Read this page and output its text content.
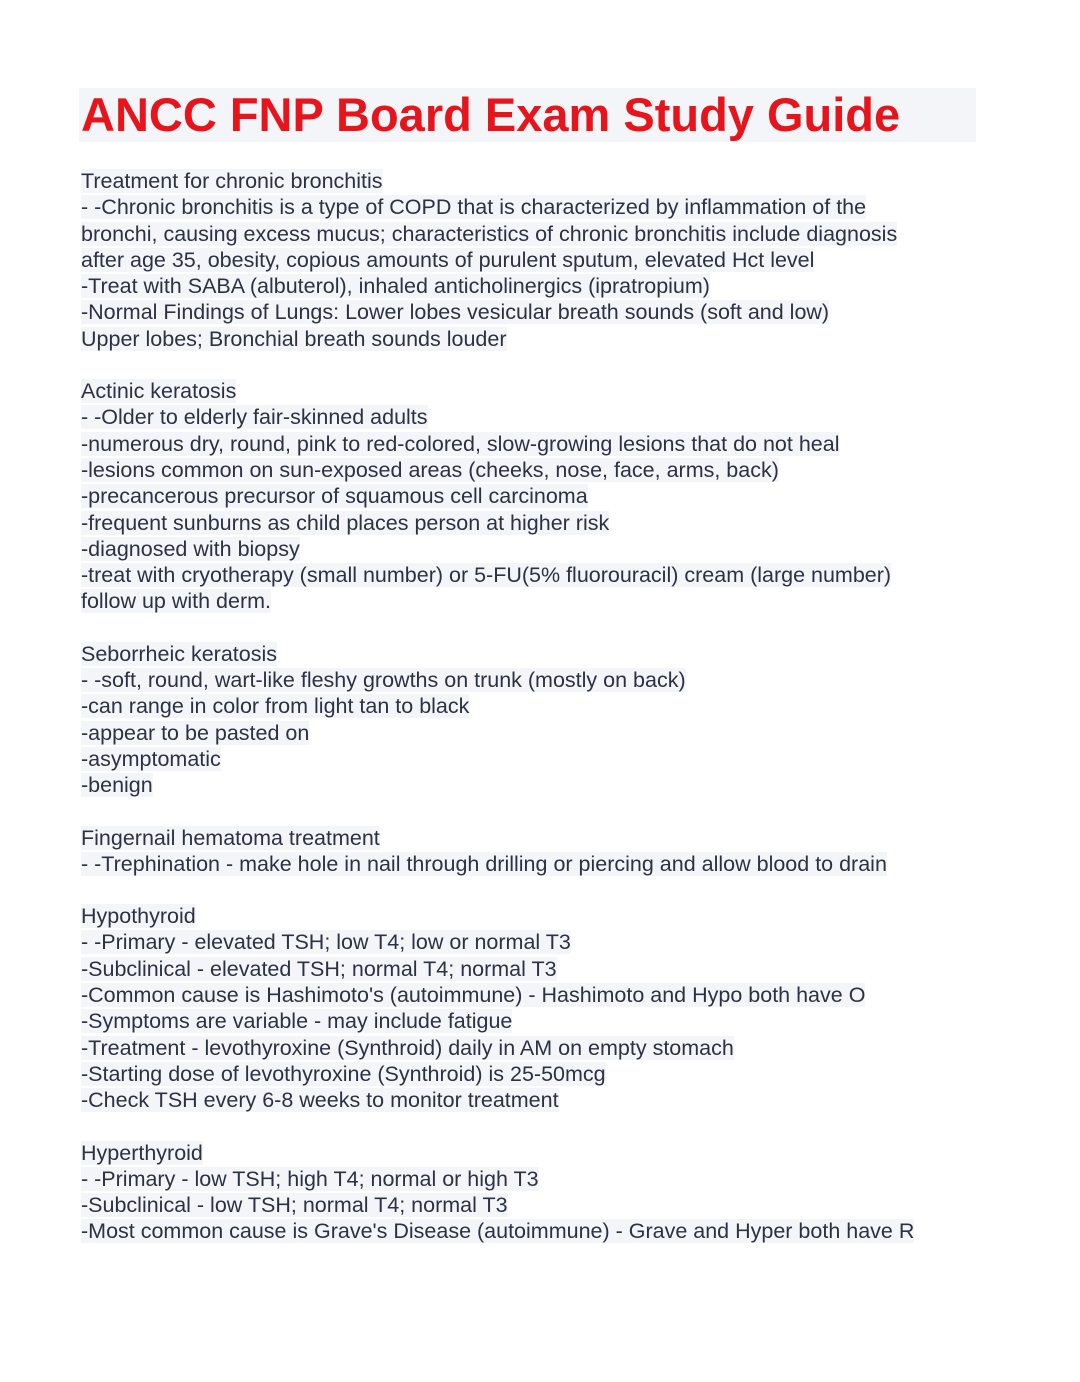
ANCC FNP Board Exam Study Guide
Treatment for chronic bronchitis
- -Chronic bronchitis is a type of COPD that is characterized by inflammation of the
bronchi, causing excess mucus; characteristics of chronic bronchitis include diagnosis
after age 35, obesity, copious amounts of purulent sputum, elevated Hct level
-Treat with SABA (albuterol), inhaled anticholinergics (ipratropium)
-Normal Findings of Lungs: Lower lobes vesicular breath sounds (soft and low)
Upper lobes; Bronchial breath sounds louder
Actinic keratosis
- -Older to elderly fair-skinned adults
-numerous dry, round, pink to red-colored, slow-growing lesions that do not heal
-lesions common on sun-exposed areas (cheeks, nose, face, arms, back)
-precancerous precursor of squamous cell carcinoma
-frequent sunburns as child places person at higher risk
-diagnosed with biopsy
-treat with cryotherapy (small number) or 5-FU(5% fluorouracil) cream (large number)
follow up with derm.
Seborrheic keratosis
- -soft, round, wart-like fleshy growths on trunk (mostly on back)
-can range in color from light tan to black
-appear to be pasted on
-asymptomatic
-benign
Fingernail hematoma treatment
- -Trephination - make hole in nail through drilling or piercing and allow blood to drain
Hypothyroid
- -Primary - elevated TSH; low T4; low or normal T3
-Subclinical - elevated TSH; normal T4; normal T3
-Common cause is Hashimoto's (autoimmune) - Hashimoto and Hypo both have O
-Symptoms are variable - may include fatigue
-Treatment - levothyroxine (Synthroid) daily in AM on empty stomach
-Starting dose of levothyroxine (Synthroid) is 25-50mcg
-Check TSH every 6-8 weeks to monitor treatment
Hyperthyroid
- -Primary - low TSH; high T4; normal or high T3
-Subclinical - low TSH; normal T4; normal T3
-Most common cause is Grave's Disease (autoimmune) - Grave and Hyper both have R
